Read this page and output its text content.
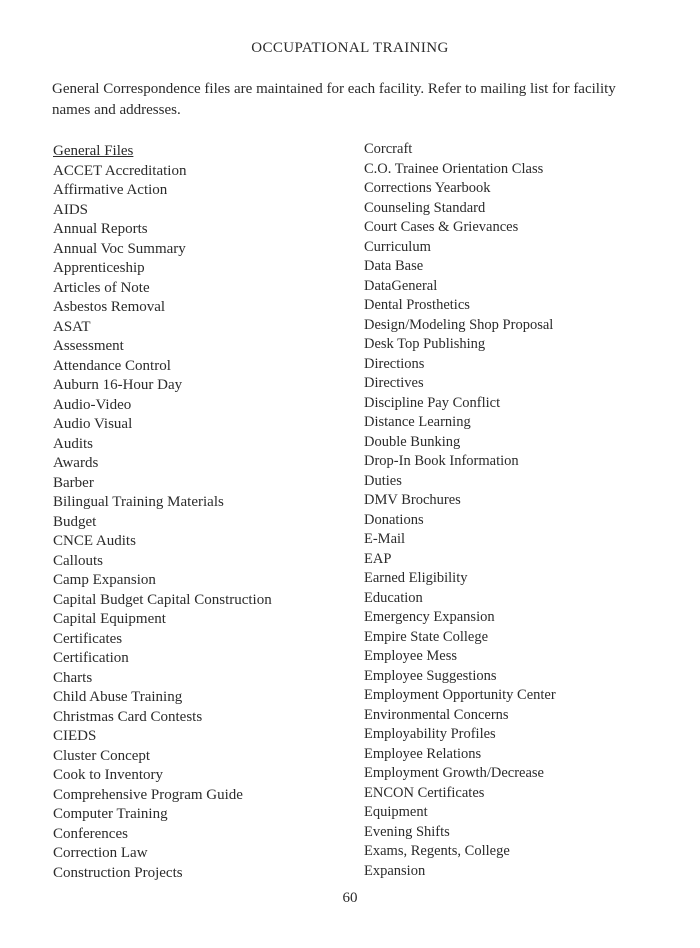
OCCUPATIONAL TRAINING

General Correspondence files are maintained for each facility. Refer to mailing list for facility names and addresses.

General Files
ACCET Accreditation
Affirmative Action
AIDS
Annual Reports
Annual Voc Summary
Apprenticeship
Articles of Note
Asbestos Removal
ASAT
Assessment
Attendance Control
Auburn 16-Hour Day
Audio-Video
Audio Visual
Audits
Awards
Barber
Bilingual Training Materials
Budget
CNCE Audits
Callouts
Camp Expansion
Capital Budget Capital Construction
Capital Equipment
Certificates
Certification
Charts
Child Abuse Training
Christmas Card Contests
CIEDS
Cluster Concept
Cook to Inventory
Comprehensive Program Guide
Computer Training
Conferences
Correction Law
Construction Projects
Corcraft
C.O. Trainee Orientation Class
Corrections Yearbook
Counseling Standard
Court Cases & Grievances
Curriculum
Data Base
DataGeneral
Dental Prosthetics
Design/Modeling Shop Proposal
Desk Top Publishing
Directions
Directives
Discipline Pay Conflict
Distance Learning
Double Bunking
Drop-In Book Information
Duties
DMV Brochures
Donations
E-Mail
EAP
Earned Eligibility
Education
Emergency Expansion
Empire State College
Employee Mess
Employee Suggestions
Employment Opportunity Center
Environmental Concerns
Employability Profiles
Employee Relations
Employment Growth/Decrease
ENCON Certificates
Equipment
Evening Shifts
Exams, Regents, College
Expansion
60
